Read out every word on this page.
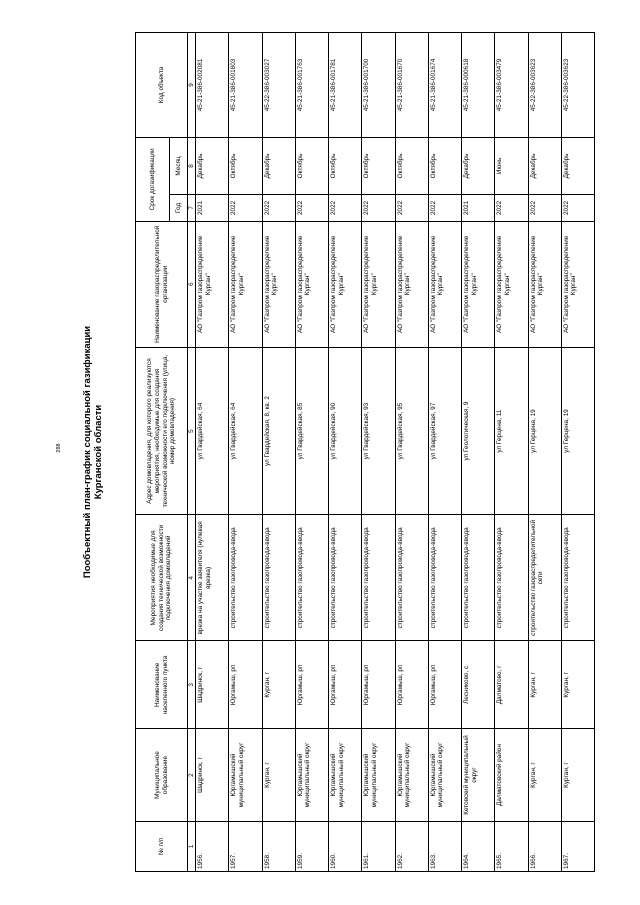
288 Пообъектный план-график социальной газификации Курганской области
№ п/п	Муниципальное образование	Наименование населенного пункта	Мероприятия необходимые для создания технической возможности подключения домовладений	Адрес домовладения, для которого реализуются мероприятия, необходимые для создания технической возможности его подключения (улица, номер домовладения)	Наименование газораспределительной организации	Срок догазификации		Код объекта
						Год	Месяц	
1	2	3	4	5	6	7	8	9
1956.	Шадринск, г	Шадринск, г	врезка на участке заявителя (нулевая врезка)	ул Гвардейская, 64	АО "Газпром газораспределение Курган"	2021	Декабрь	45-21-386-002081
1957.	Юргамышский муниципальный округ	Юргамыш, рп	строительство газопровода-ввода	ул Гвардейская, 64	АО "Газпром газораспределение Курган"	2022	Октябрь	45-21-386-001803
1958.	Курган, г	Курган, г	строительство газопровода-ввода	ул Гвардейская, 8, кв. 2	АО "Газпром газораспределение Курган"	2022	Декабрь	45-22-386-003027
1959.	Юргамышский муниципальный округ	Юргамыш, рп	строительство газопровода-ввода	ул Гвардейская, 85	АО "Газпром газораспределение Курган"	2022	Октябрь	45-21-386-001763
1960.	Юргамышский муниципальный округ	Юргамыш, рп	строительство газопровода-ввода	ул Гвардейская, 90	АО "Газпром газораспределение Курган"	2022	Октябрь	45-21-386-001781
1961.	Юргамышский муниципальный округ	Юргамыш, рп	строительство газопровода-ввода	ул Гвардейская, 93	АО "Газпром газораспределение Курган"	2022	Октябрь	45-21-386-001700
1962.	Юргамышский муниципальный округ	Юргамыш, рп	строительство газопровода-ввода	ул Гвардейская, 95	АО "Газпром газораспределение Курган"	2022	Октябрь	45-21-386-001670
1963.	Юргамышский муниципальный округ	Юргамыш, рп	строительство газопровода-ввода	ул Гвардейская, 97	АО "Газпром газораспределение Курган"	2022	Октябрь	45-21-386-001674
1964.	Кетовский муниципальный округ	Лесниково, с	строительство газопровода-ввода	ул Геологическая, 9	АО "Газпром газораспределение Курган"	2021	Декабрь	45-21-386-000618
1965.	Далматовский район	Далматово, г	строительство газопровода-ввода	ул Герцена, 11	АО "Газпром газораспределение Курган"	2022	Июнь	45-21-386-003479
1966.	Курган, г	Курган, г	строительство газораспределительной сети	ул Герцена, 19	АО "Газпром газораспределение Курган"	2022	Декабрь	45-22-386-003623
1967.	Курган, г	Курган, г	строительство газопровода-ввода	ул Герцена, 19	АО "Газпром газораспределение Курган"	2022	Декабрь	45-22-386-003623
